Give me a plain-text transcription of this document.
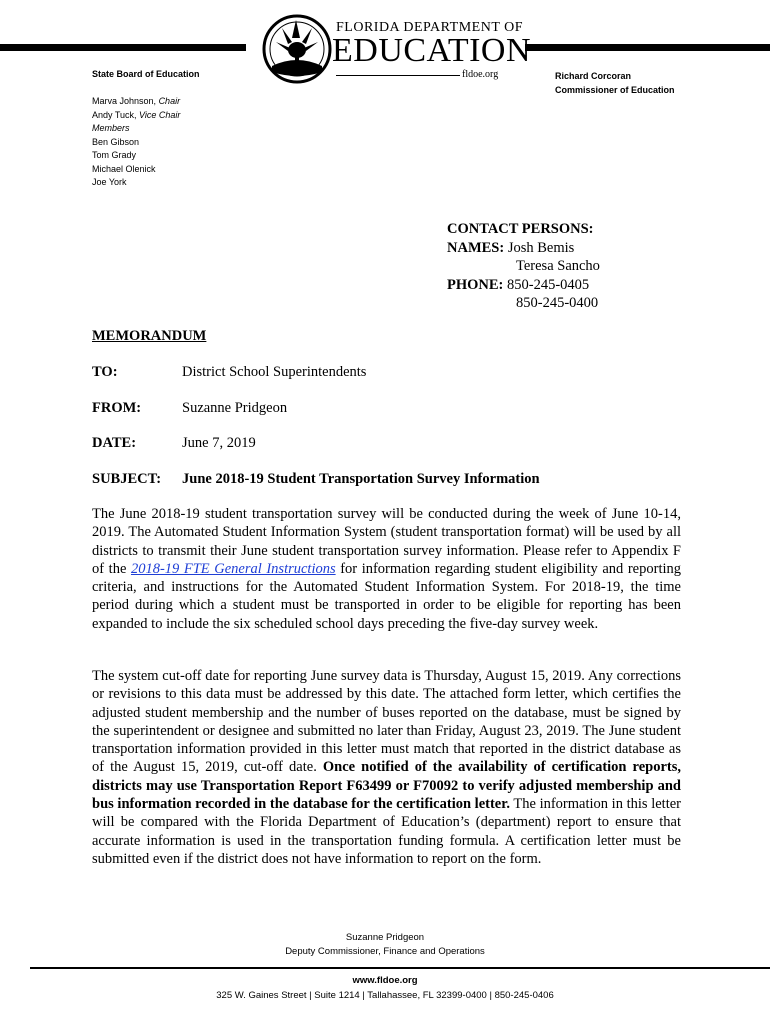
FLORIDA DEPARTMENT OF
EDUCATION
fldoe.org
State Board of Education
Marva Johnson, Chair
Andy Tuck, Vice Chair
Members
Ben Gibson
Tom Grady
Michael Olenick
Joe York
Richard Corcoran
Commissioner of Education
CONTACT PERSONS:
NAMES: Josh Bemis
Teresa Sancho
PHONE: 850-245-0405
850-245-0400
MEMORANDUM
TO:	District School Superintendents
FROM:	Suzanne Pridgeon
DATE:	June 7, 2019
SUBJECT: June 2018-19 Student Transportation Survey Information
The June 2018-19 student transportation survey will be conducted during the week of June 10-14, 2019. The Automated Student Information System (student transportation format) will be used by all districts to transmit their June student transportation survey information. Please refer to Appendix F of the 2018-19 FTE General Instructions for information regarding student eligibility and reporting criteria, and instructions for the Automated Student Information System. For 2018-19, the time period during which a student must be transported in order to be eligible for reporting has been expanded to include the six scheduled school days preceding the five-day survey week.
The system cut-off date for reporting June survey data is Thursday, August 15, 2019. Any corrections or revisions to this data must be addressed by this date. The attached form letter, which certifies the adjusted student membership and the number of buses reported on the database, must be signed by the superintendent or designee and submitted no later than Friday, August 23, 2019. The June student transportation information provided in this letter must match that reported in the district database as of the August 15, 2019, cut-off date. Once notified of the availability of certification reports, districts may use Transportation Report F63499 or F70092 to verify adjusted membership and bus information recorded in the database for the certification letter. The information in this letter will be compared with the Florida Department of Education’s (department) report to ensure that accurate information is used in the transportation funding formula. A certification letter must be submitted even if the district does not have information to report on the form.
Suzanne Pridgeon
Deputy Commissioner, Finance and Operations
www.fldoe.org
325 W. Gaines Street | Suite 1214 | Tallahassee, FL 32399-0400 | 850-245-0406
